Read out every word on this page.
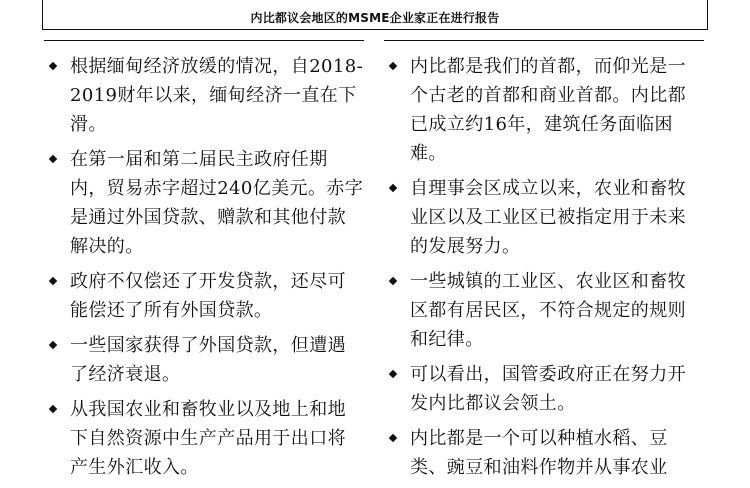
内比都议会地区的MSME企业家正在进行报告
根据缅甸经济放缓的情况，自2018-2019财年以来，缅甸经济一直在下滑。
在第一届和第二届民主政府任期内，贸易赤字超过240亿美元。赤字是通过外国贷款、赠款和其他付款解决的。
政府不仅偿还了开发贷款，还尽可能偿还了所有外国贷款。
一些国家获得了外国贷款，但遭遇了经济衰退。
从我国农业和畜牧业以及地上和地下自然资源中生产产品用于出口将产生外汇收入。
内比都是我们的首都，而仰光是一个古老的首都和商业首都。内比都已成立约16年，建筑任务面临困难。
自理事会区成立以来，农业和畜牧业区以及工业区已被指定用于未来的发展努力。
一些城镇的工业区、农业区和畜牧区都有居民区，不符合规定的规则和纪律。
可以看出，国管委政府正在努力开发内比都议会领土。
内比都是一个可以种植水稻、豆类、豌豆和油料作物并从事农业
